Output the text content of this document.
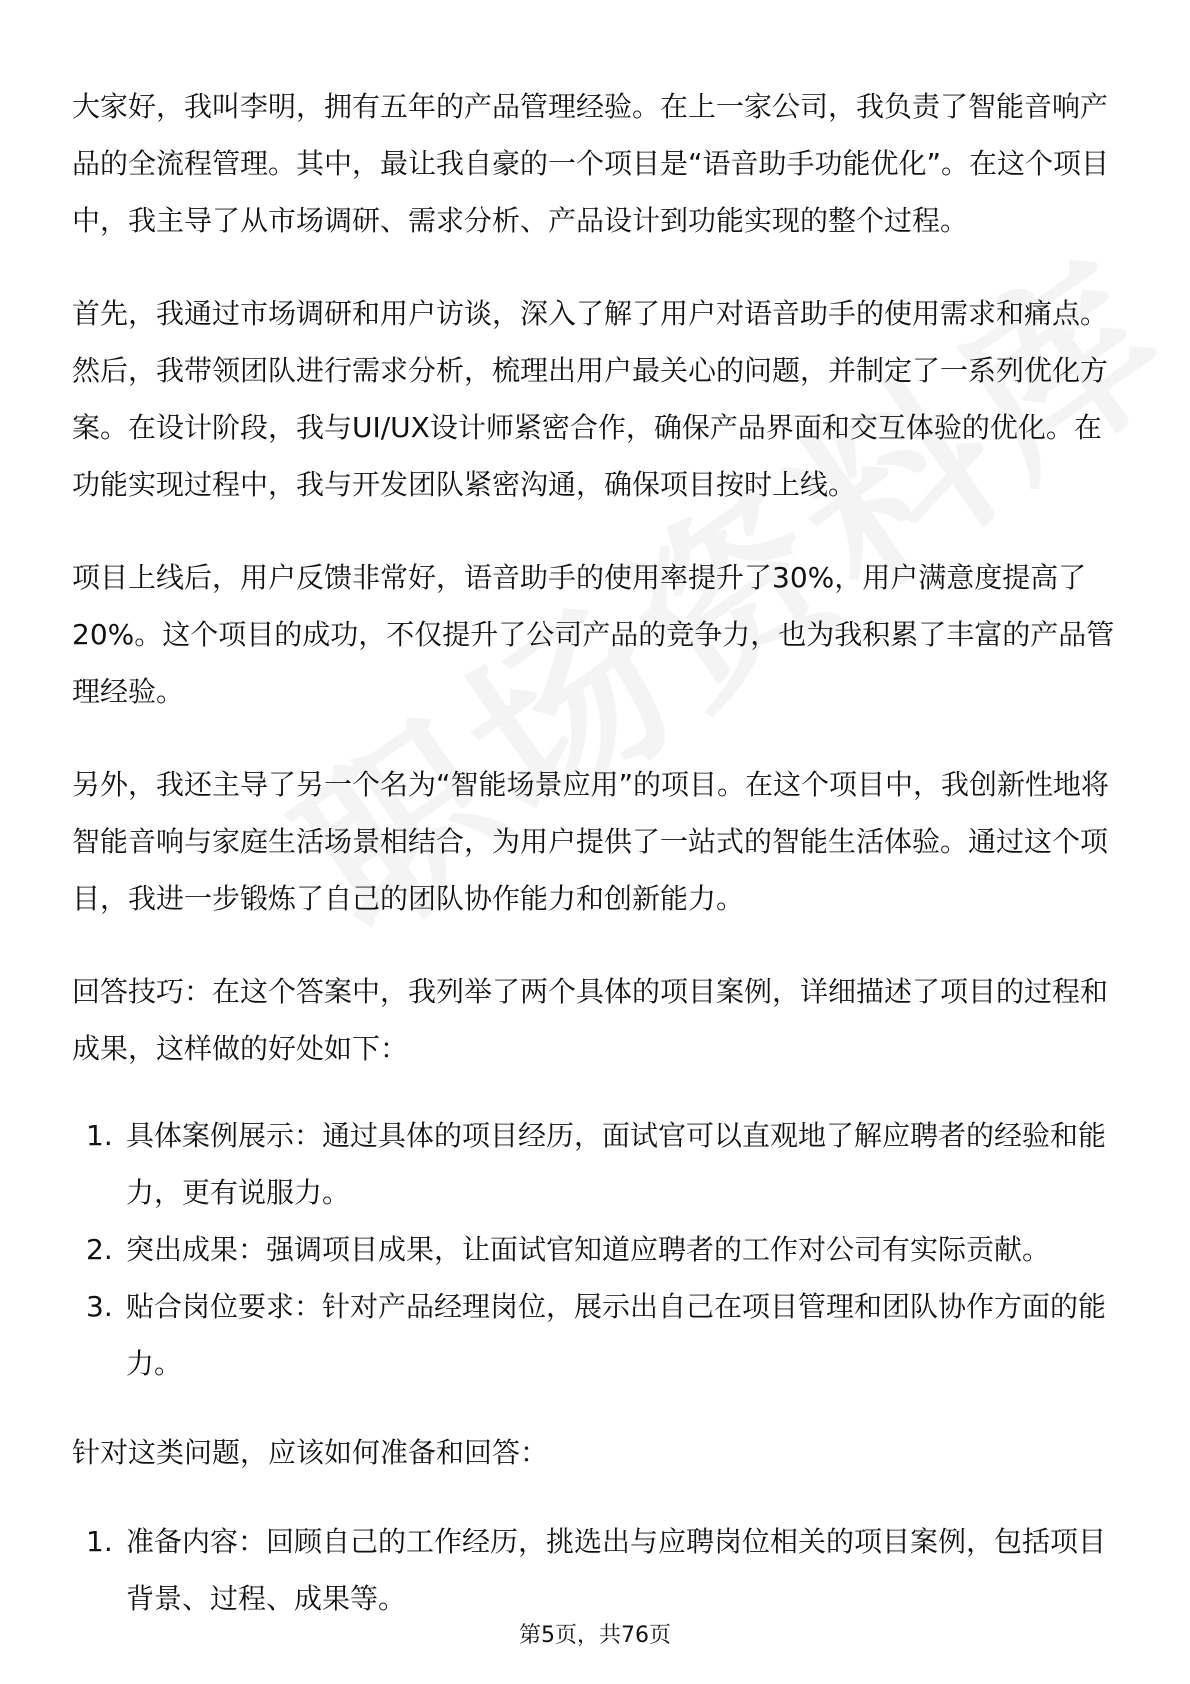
大家好，我叫李明，拥有五年的产品管理经验。在上一家公司，我负责了智能音响产品的全流程管理。其中，最让我自豪的一个项目是“语音助手功能优化”。在这个项目中，我主导了从市场调研、需求分析、产品设计到功能实现的整个过程。

首先，我通过市场调研和用户访谈，深入了解了用户对语音助手的使用需求和痛点。然后，我带领团队进行需求分析，梳理出用户最关心的问题，并制定了一系列优化方案。在设计阶段，我与UI/UX设计师紧密合作，确保产品界面和交互体验的优化。在功能实现过程中，我与开发团队紧密沟通，确保项目按时上线。

项目上线后，用户反馈非常好，语音助手的使用率提升了30%，用户满意度提高了20%。这个项目的成功，不仅提升了公司产品的竞争力，也为我积累了丰富的产品管理经验。

另外，我还主导了另一个名为“智能场景应用”的项目。在这个项目中，我创新性地将智能音响与家庭生活场景相结合，为用户提供了一站式的智能生活体验。通过这个项目，我进一步锻炼了自己的团队协作能力和创新能力。

回答技巧：在这个答案中，我列举了两个具体的项目案例，详细描述了项目的过程和成果，这样做的好处如下：

1. 具体案例展示：通过具体的项目经历，面试官可以直观地了解应聘者的经验和能力，更有说服力。
2. 突出成果：强调项目成果，让面试官知道应聘者的工作对公司有实际贡献。
3. 贴合岗位要求：针对产品经理岗位，展示出自己在项目管理和团队协作方面的能力。

针对这类问题，应该如何准备和回答：

1. 准备内容：回顾自己的工作经历，挑选出与应聘岗位相关的项目案例，包括项目背景、过程、成果等。
第5页，共76页
